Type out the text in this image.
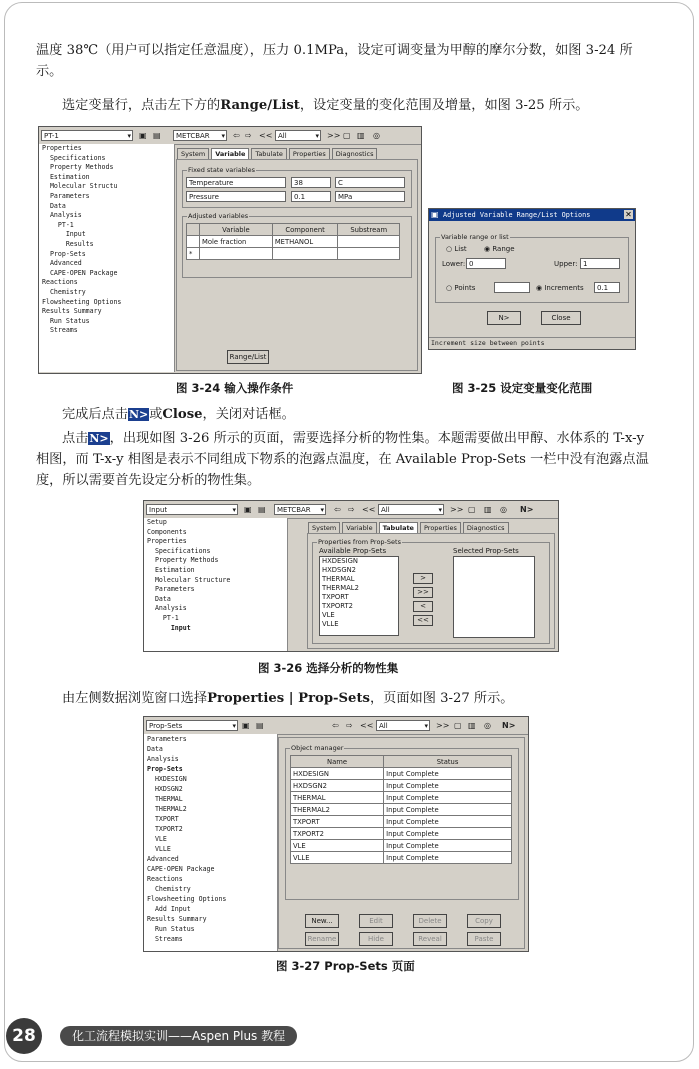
温度 38℃（用户可以指定任意温度），压力 0.1MPa，设定可调变量为甲醇的摩尔分数，如图 3-24 所示。

选定变量行，点击左下方的Range/List，设定变量的变化范围及增量，如图 3-25 所示。

PT-1 ▾	▣ ▤	METCBAR ▾	⇦ ⇨ << All ▾	>> ▢ ▥ ◎
Properties
Specifications
Property Methods
Estimation
Molecular Structu
Parameters
Data
Analysis
PT-1
Input
Results
Prop-Sets
Advanced
CAPE-OPEN Package
Reactions
Chemistry
Flowsheeting Options
Results Summary
Run Status
Streams
System	Variable	Tabulate	Properties	Diagnostics
Fixed state variables
Temperature	38	C
Pressure	0.1	MPa
Adjusted variables
	Variable	Component	Substream
	Mole fraction	METHANOL	
*			
Range/List
Adjusted Variable Range/List Options
▣	✕
Variable range or list
○ List ◉ Range
Lower: 0	Upper: 1
○ Points	◉ Increments	0.1
N>	Close
Increment size between points
图 3-24 输入操作条件	图 3-25 设定变量变化范围

完成后点击N>或Close，关闭对话框。

点击N>，出现如图 3-26 所示的页面，需要选择分析的物性集。本题需要做出甲醇、水体系的 T-x-y 相图，而 T-x-y 相图是表示不同组成下物系的泡露点温度，在 Available Prop-Sets 一栏中没有泡露点温度，所以需要首先设定分析的物性集。

Input ▾	▣ ▤	METCBAR ▾	⇦ ⇨ << All ▾	>> ▢ ▥ ◎ N>
Setup
Components
Properties
Specifications
Property Methods
Estimation
Molecular Structure
Parameters
Data
Analysis
PT-1
Input
System	Variable	Tabulate	Properties	Diagnostics
Properties from Prop-Sets
Available Prop-Sets
HXDESIGN
HXDSGN2
THERMAL
THERMAL2
TXPORT
TXPORT2
VLE
VLLE
>
>>
<
<<
Selected Prop-Sets
图 3-26 选择分析的物性集

由左侧数据浏览窗口选择Properties | Prop-Sets，页面如图 3-27 所示。

Prop-Sets ▾	▣ ▤	⇦ ⇨ << All ▾	>> ▢ ▥ ◎ N>
Parameters
Data
Analysis
Prop-Sets
HXDESIGN
HXDSGN2
THERMAL
THERMAL2
TXPORT
TXPORT2
VLE
VLLE
Advanced
CAPE-OPEN Package
Reactions
Chemistry
Flowsheeting Options
Add Input
Results Summary
Run Status
Streams
Object manager
Name	Status
HXDESIGN	Input Complete
HXDSGN2	Input Complete
THERMAL	Input Complete
THERMAL2	Input Complete
TXPORT	Input Complete
TXPORT2	Input Complete
VLE	Input Complete
VLLE	Input Complete
New...	Edit	Delete	Copy
Rename	Hide	Reveal	Paste
图 3-27 Prop-Sets 页面
28	化工流程模拟实训——Aspen Plus 教程
